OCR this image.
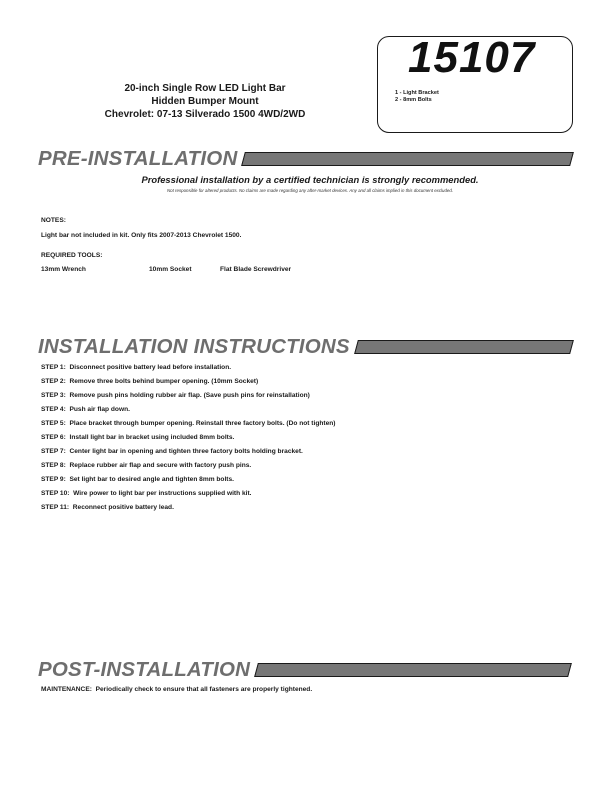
20-inch Single Row LED Light Bar
Hidden Bumper Mount
Chevrolet: 07-13 Silverado 1500 4WD/2WD
15107
1 - Light Bracket
2 - 8mm Bolts
PRE-INSTALLATION
Professional installation by a certified technician is strongly recommended.
Not responsible for altered products. No claims are made regarding any after-market devices. Any and all claims implied in this document excluded.
NOTES:
Light bar not included in kit. Only fits 2007-2013 Chevrolet 1500.
REQUIRED TOOLS:
13mm Wrench	10mm Socket	Flat Blade Screwdriver
INSTALLATION INSTRUCTIONS
STEP 1: Disconnect positive battery lead before installation.
STEP 2: Remove three bolts behind bumper opening. (10mm Socket)
STEP 3: Remove push pins holding rubber air flap. (Save push pins for reinstallation)
STEP 4: Push air flap down.
STEP 5: Place bracket through bumper opening. Reinstall three factory bolts. (Do not tighten)
STEP 6: Install light bar in bracket using included 8mm bolts.
STEP 7: Center light bar in opening and tighten three factory bolts holding bracket.
STEP 8: Replace rubber air flap and secure with factory push pins.
STEP 9: Set light bar to desired angle and tighten 8mm bolts.
STEP 10: Wire power to light bar per instructions supplied with kit.
STEP 11: Reconnect positive battery lead.
POST-INSTALLATION
MAINTENANCE: Periodically check to ensure that all fasteners are properly tightened.
